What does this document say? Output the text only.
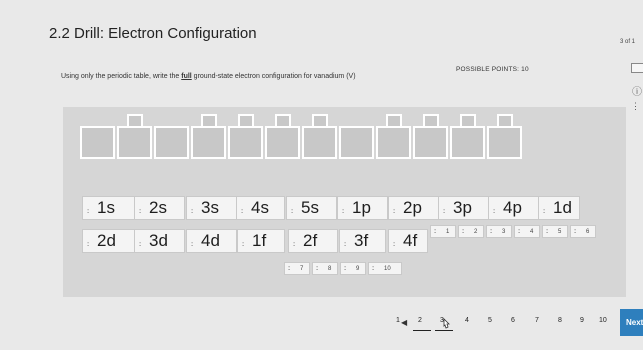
2.2 Drill: Electron Configuration	3 of 1
POSSIBLE POINTS: 10
ⓘ
⋮
Using only the periodic table, write the full ground-state electron configuration for vanadium (V)
:: 1s	:: 2s	:: 3s	:: 4s	:: 5s	:: 1p	:: 2p	:: 3p	:: 4p	:: 1d
:: 2d	:: 3d	:: 4d	:: 1f	:: 2f	:: 3f	:: 4f	:: 1 :: 2 :: 3 :: 4 :: 5 :: 6
:: 7 :: 8 :: 9 :: 10
1	2	3	4	5	6	7	8	9 10
◀	Next
